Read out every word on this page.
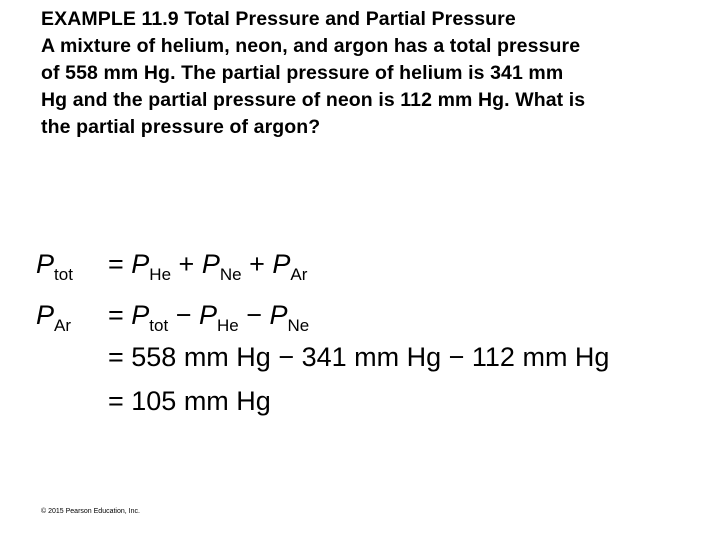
EXAMPLE 11.9 Total Pressure and Partial Pressure
A mixture of helium, neon, and argon has a total pressure
of 558 mm Hg. The partial pressure of helium is 341 mm
Hg and the partial pressure of neon is 112 mm Hg. What is
the partial pressure of argon?
$P_{tot} = P_{He} + P_{Ne} + P_{Ar}$
$P_{Ar} = P_{tot} - P_{He} - P_{Ne}$
= 558 mm Hg − 341 mm Hg − 112 mm Hg
= 105 mm Hg
© 2015 Pearson Education, Inc.
